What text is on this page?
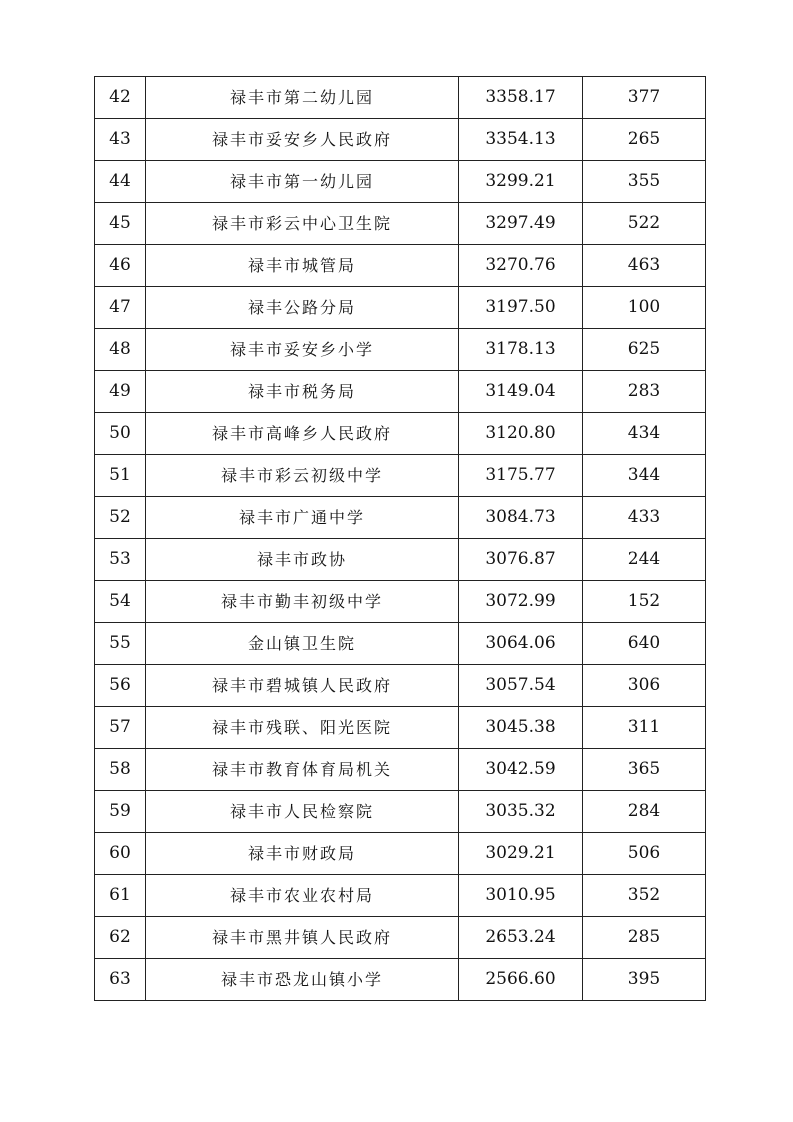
42	禄丰市第二幼儿园	3358.17	377
43	禄丰市妥安乡人民政府	3354.13	265
44	禄丰市第一幼儿园	3299.21	355
45	禄丰市彩云中心卫生院	3297.49	522
46	禄丰市城管局	3270.76	463
47	禄丰公路分局	3197.50	100
48	禄丰市妥安乡小学	3178.13	625
49	禄丰市税务局	3149.04	283
50	禄丰市高峰乡人民政府	3120.80	434
51	禄丰市彩云初级中学	3175.77	344
52	禄丰市广通中学	3084.73	433
53	禄丰市政协	3076.87	244
54	禄丰市勤丰初级中学	3072.99	152
55	金山镇卫生院	3064.06	640
56	禄丰市碧城镇人民政府	3057.54	306
57	禄丰市残联、阳光医院	3045.38	311
58	禄丰市教育体育局机关	3042.59	365
59	禄丰市人民检察院	3035.32	284
60	禄丰市财政局	3029.21	506
61	禄丰市农业农村局	3010.95	352
62	禄丰市黑井镇人民政府	2653.24	285
63	禄丰市恐龙山镇小学	2566.60	395
